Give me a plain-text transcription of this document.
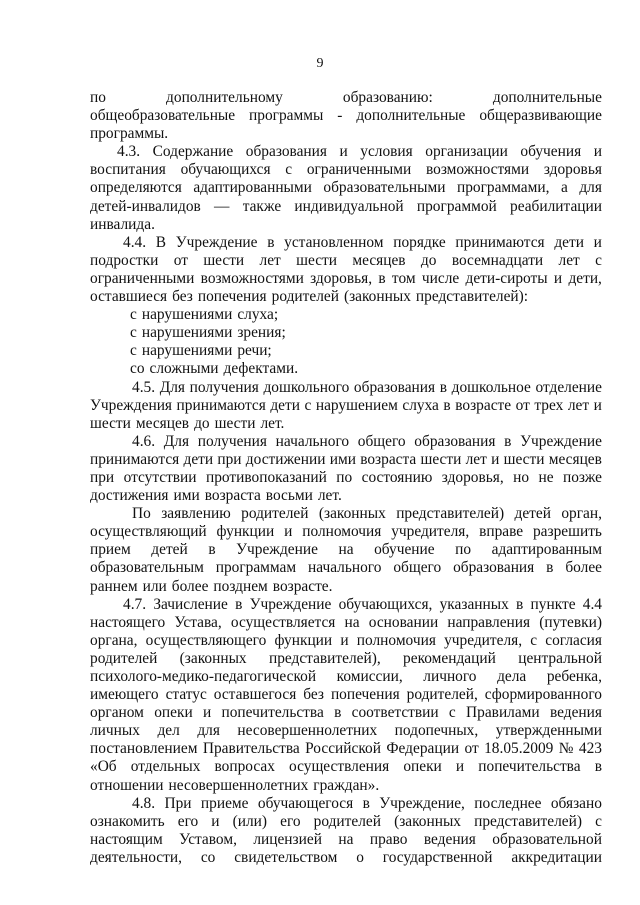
9
по	дополнительному	образованию:	дополнительные
общеобразовательные программы - дополнительные общеразвивающие
программы.
4.3. Содержание образования и условия организации обучения и
воспитания обучающихся с ограниченными возможностями здоровья
определяются адаптированными образовательными программами, а для
детей-инвалидов — также индивидуальной программой реабилитации
инвалида.
4.4. В Учреждение в установленном порядке принимаются дети и
подростки от шести лет шести месяцев до восемнадцати лет с
ограниченными возможностями здоровья, в том числе дети-сироты и дети,
оставшиеся без попечения родителей (законных представителей):
с нарушениями слуха;
с нарушениями зрения;
с нарушениями речи;
со сложными дефектами.
4.5. Для получения дошкольного образования в дошкольное отделение
Учреждения принимаются дети с нарушением слуха в возрасте от трех лет и
шести месяцев до шести лет.
4.6. Для получения начального общего образования в Учреждение
принимаются дети при достижении ими возраста шести лет и шести месяцев
при отсутствии противопоказаний по состоянию здоровья, но не позже
достижения ими возраста восьми лет.
По заявлению родителей (законных представителей) детей орган,
осуществляющий функции и полномочия учредителя, вправе разрешить
прием детей в Учреждение на обучение по адаптированным
образовательным программам начального общего образования в более
раннем или более позднем возрасте.
4.7. Зачисление в Учреждение обучающихся, указанных в пункте 4.4
настоящего Устава, осуществляется на основании направления (путевки)
органа, осуществляющего функции и полномочия учредителя, с согласия
родителей (законных представителей), рекомендаций центральной
психолого-медико-педагогической комиссии, личного дела ребенка,
имеющего статус оставшегося без попечения родителей, сформированного
органом опеки и попечительства в соответствии с Правилами ведения
личных дел для несовершеннолетних подопечных, утвержденными
постановлением Правительства Российской Федерации от 18.05.2009 № 423
«Об отдельных вопросах осуществления опеки и попечительства в
отношении несовершеннолетних граждан».
4.8. При приеме обучающегося в Учреждение, последнее обязано
ознакомить его и (или) его родителей (законных представителей) с
настоящим Уставом, лицензией на право ведения образовательной
деятельности, со свидетельством о государственной аккредитации
